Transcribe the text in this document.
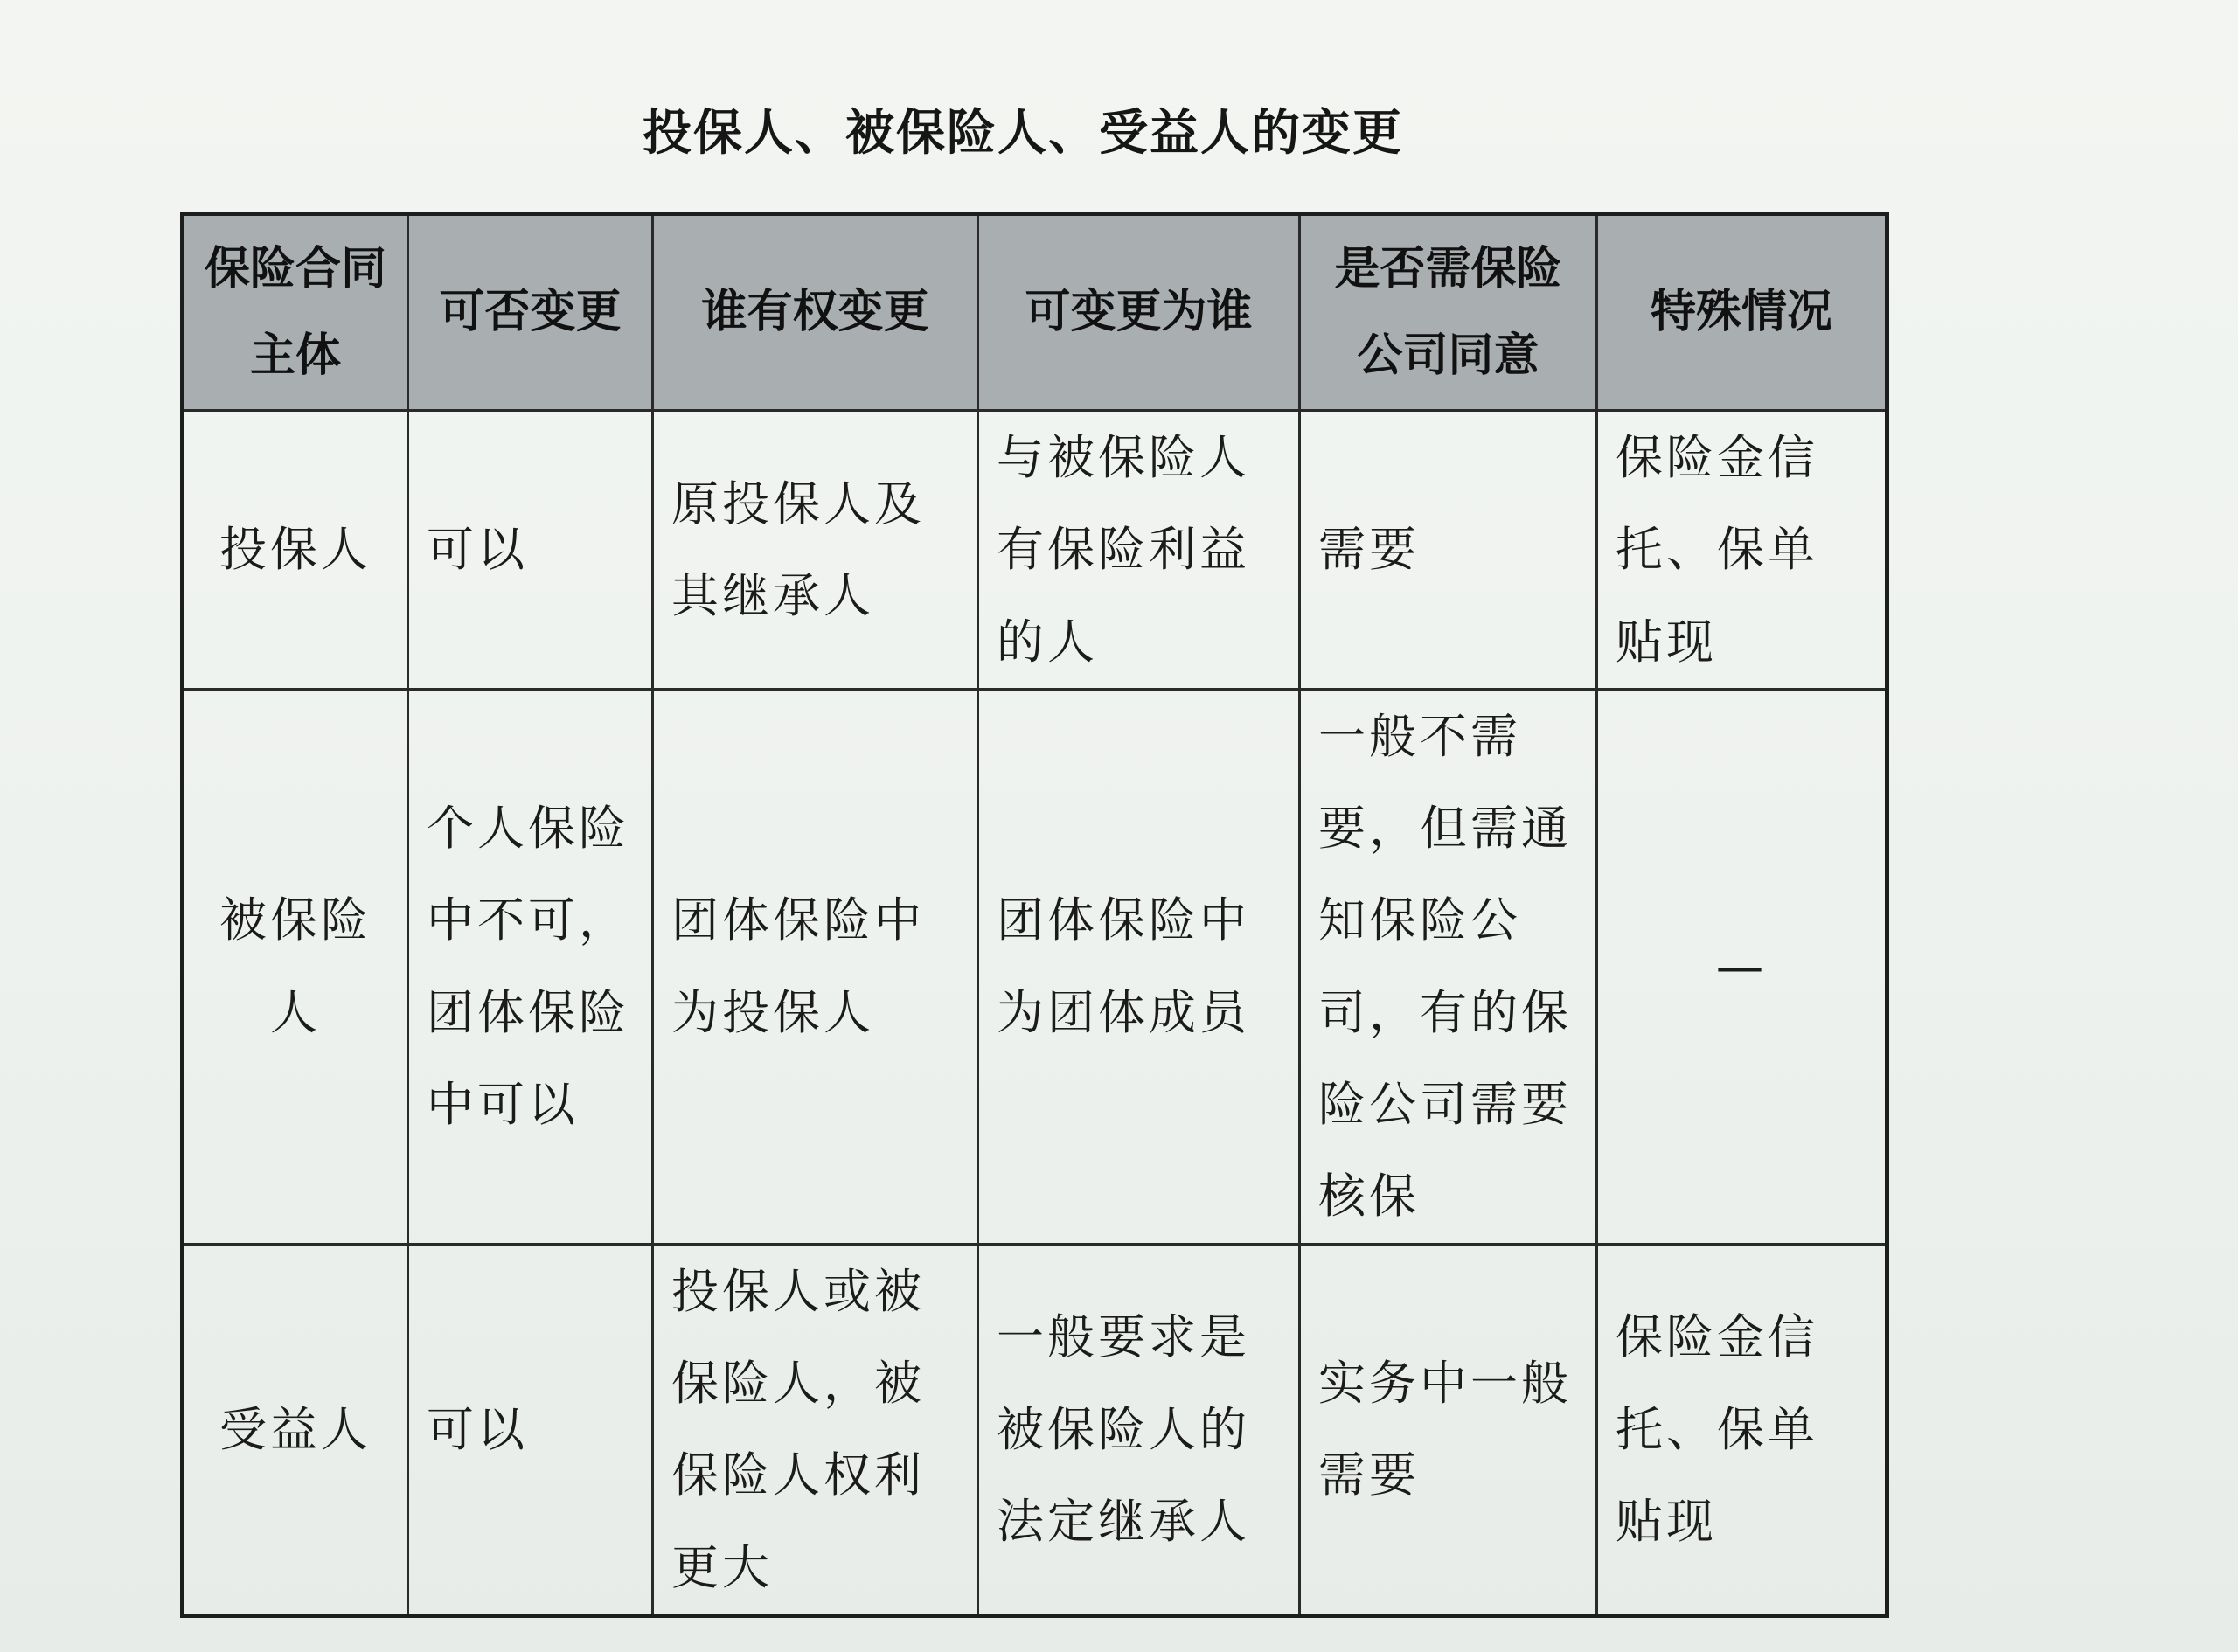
投保人、被保险人、受益人的变更
保险合同主体	可否变更	谁有权变更	可变更为谁	是否需保险公司同意	特殊情况
投保人	可以	原投保人及其继承人	与被保险人有保险利益的人	需要	保险金信托、保单贴现
被保险人	个人保险中不可，团体保险中可以	团体保险中为投保人	团体保险中为团体成员	一般不需要，但需通知保险公司，有的保险公司需要核保	—
受益人	可以	投保人或被保险人，被保险人权利更大	一般要求是被保险人的法定继承人	实务中一般需要	保险金信托、保单贴现
